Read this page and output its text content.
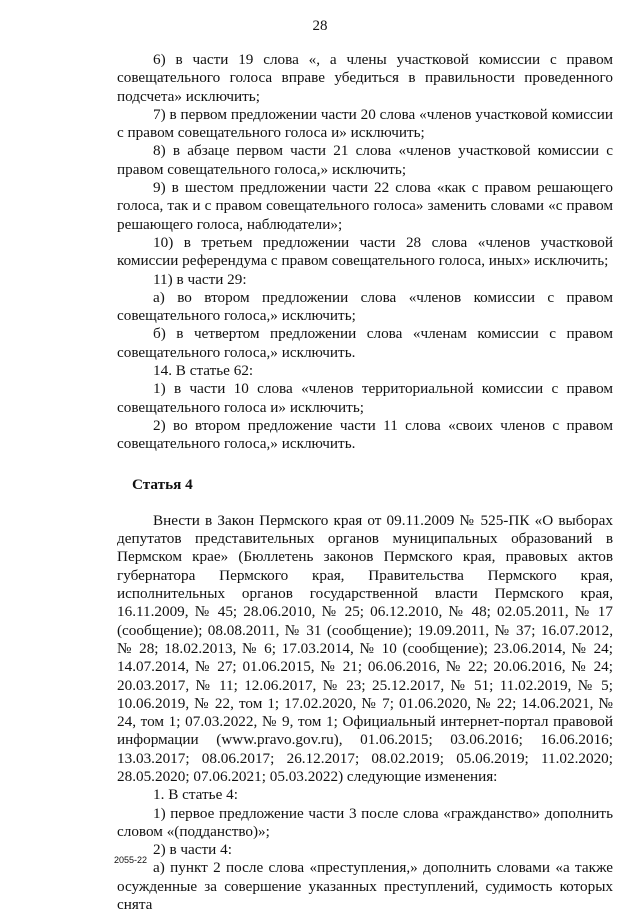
28

6) в части 19 слова «, а члены участковой комиссии с правом совещательного голоса вправе убедиться в правильности проведенного подсчета» исключить;

7) в первом предложении части 20 слова «членов участковой комиссии с правом совещательного голоса и» исключить;

8) в абзаце первом части 21 слова «членов участковой комиссии с правом совещательного голоса,» исключить;

9) в шестом предложении части 22 слова «как с правом решающего голоса, так и с правом совещательного голоса» заменить словами «с правом решающего голоса, наблюдатели»;

10) в третьем предложении части 28 слова «членов участковой комиссии референдума с правом совещательного голоса, иных» исключить;

11) в части 29:

а) во втором предложении слова «членов комиссии с правом совещательного голоса,» исключить;

б) в четвертом предложении слова «членам комиссии с правом совещательного голоса,» исключить.

14. В статье 62:

1) в части 10 слова «членов территориальной комиссии с правом совещательного голоса и» исключить;

2) во втором предложение части 11 слова «своих членов с правом совещательного голоса,» исключить.

Статья 4

Внести в Закон Пермского края от 09.11.2009 № 525-ПК «О выборах депутатов представительных органов муниципальных образований в Пермском крае» (Бюллетень законов Пермского края, правовых актов губернатора Пермского края, Правительства Пермского края, исполнительных органов государственной власти Пермского края, 16.11.2009, № 45; 28.06.2010, № 25; 06.12.2010, № 48; 02.05.2011, № 17 (сообщение); 08.08.2011, № 31 (сообщение); 19.09.2011, № 37; 16.07.2012, № 28; 18.02.2013, № 6; 17.03.2014, № 10 (сообщение); 23.06.2014, № 24; 14.07.2014, № 27; 01.06.2015, № 21; 06.06.2016, № 22; 20.06.2016, № 24; 20.03.2017, № 11; 12.06.2017, № 23; 25.12.2017, № 51; 11.02.2019, № 5; 10.06.2019, № 22, том 1; 17.02.2020, № 7; 01.06.2020, № 22; 14.06.2021, № 24, том 1; 07.03.2022, № 9, том 1; Официальный интернет-портал правовой информации (www.pravo.gov.ru), 01.06.2015; 03.06.2016; 16.06.2016; 13.03.2017; 08.06.2017; 26.12.2017; 08.02.2019; 05.06.2019; 11.02.2020; 28.05.2020; 07.06.2021; 05.03.2022) следующие изменения:

1. В статье 4:

1) первое предложение части 3 после слова «гражданство» дополнить словом «(подданство)»;

2) в части 4:

а) пункт 2 после слова «преступления,» дополнить словами «а также осужденные за совершение указанных преступлений, судимость которых снята

2055-22
